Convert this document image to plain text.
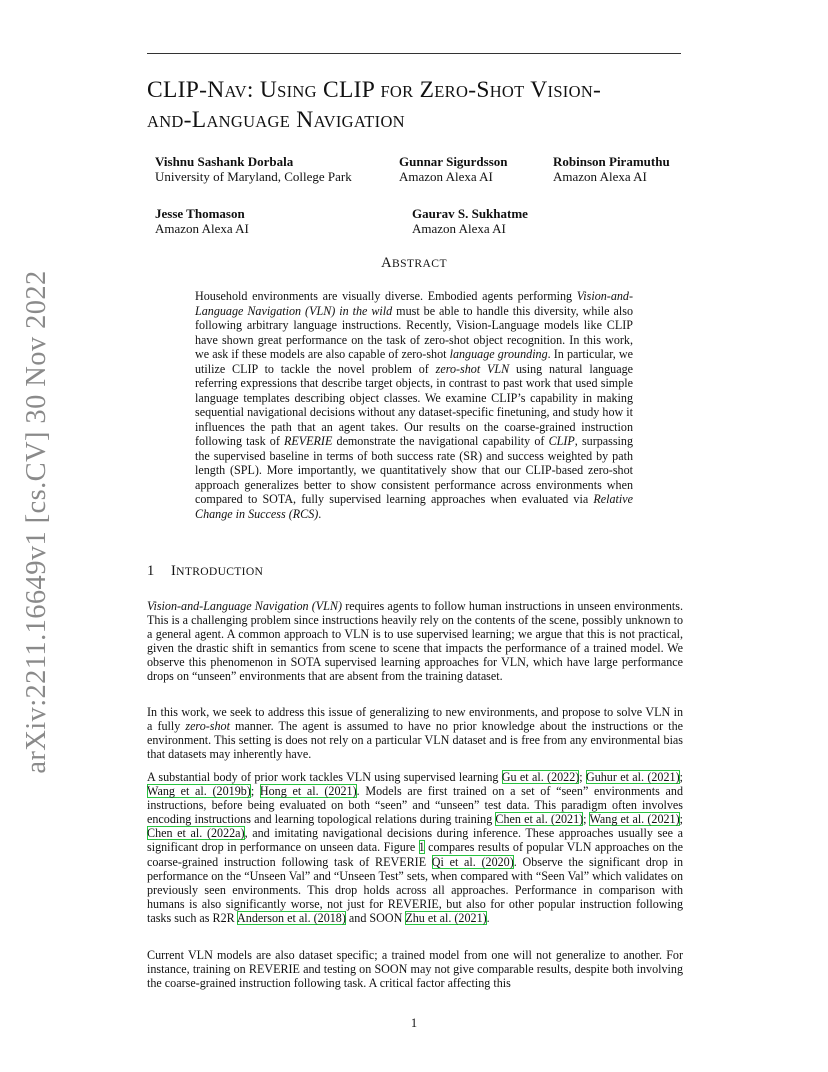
arXiv:2211.16649v1 [cs.CV] 30 Nov 2022
CLIP-NAV: USING CLIP FOR ZERO-SHOT VISION-
AND-LANGUAGE NAVIGATION
Vishnu Sashank Dorbala
University of Maryland, College Park
Gunnar Sigurdsson
Amazon Alexa AI
Robinson Piramuthu
Amazon Alexa AI
Jesse Thomason
Amazon Alexa AI
Gaurav S. Sukhatme
Amazon Alexa AI
ABSTRACT
Household environments are visually diverse. Embodied agents performing Vision-and-Language Navigation (VLN) in the wild must be able to handle this diversity, while also following arbitrary language instructions. Recently, Vision-Language models like CLIP have shown great performance on the task of zero-shot object recognition. In this work, we ask if these models are also capable of zero-shot language grounding. In particular, we utilize CLIP to tackle the novel problem of zero-shot VLN using natural language referring expressions that describe target objects, in contrast to past work that used simple language templates describing object classes. We examine CLIP’s capability in making sequential navigational decisions without any dataset-specific finetuning, and study how it influences the path that an agent takes. Our results on the coarse-grained instruction following task of REVERIE demonstrate the navigational capability of CLIP, surpassing the supervised baseline in terms of both success rate (SR) and success weighted by path length (SPL). More importantly, we quantitatively show that our CLIP-based zero-shot approach generalizes better to show consistent performance across environments when compared to SOTA, fully supervised learning approaches when evaluated via Relative Change in Success (RCS).
1 INTRODUCTION
Vision-and-Language Navigation (VLN) requires agents to follow human instructions in unseen environments. This is a challenging problem since instructions heavily rely on the contents of the scene, possibly unknown to a general agent. A common approach to VLN is to use supervised learning; we argue that this is not practical, given the drastic shift in semantics from scene to scene that impacts the performance of a trained model. We observe this phenomenon in SOTA supervised learning approaches for VLN, which have large performance drops on “unseen” environments that are absent from the training dataset.
In this work, we seek to address this issue of generalizing to new environments, and propose to solve VLN in a fully zero-shot manner. The agent is assumed to have no prior knowledge about the instructions or the environment. This setting is does not rely on a particular VLN dataset and is free from any environmental bias that datasets may inherently have.
A substantial body of prior work tackles VLN using supervised learning Gu et al. (2022); Guhur et al. (2021); Wang et al. (2019b); Hong et al. (2021). Models are first trained on a set of “seen” environments and instructions, before being evaluated on both “seen” and “unseen” test data. This paradigm often involves encoding instructions and learning topological relations during training Chen et al. (2021); Wang et al. (2021); Chen et al. (2022a), and imitating navigational decisions during inference. These approaches usually see a significant drop in performance on unseen data. Figure 1 compares results of popular VLN approaches on the coarse-grained instruction following task of REVERIE Qi et al. (2020). Observe the significant drop in performance on the “Unseen Val” and “Unseen Test” sets, when compared with “Seen Val” which validates on previously seen environments. This drop holds across all approaches. Performance in comparison with humans is also significantly worse, not just for REVERIE, but also for other popular instruction following tasks such as R2R Anderson et al. (2018) and SOON Zhu et al. (2021).
Current VLN models are also dataset specific; a trained model from one will not generalize to another. For instance, training on REVERIE and testing on SOON may not give comparable results, despite both involving the coarse-grained instruction following task. A critical factor affecting this
1
